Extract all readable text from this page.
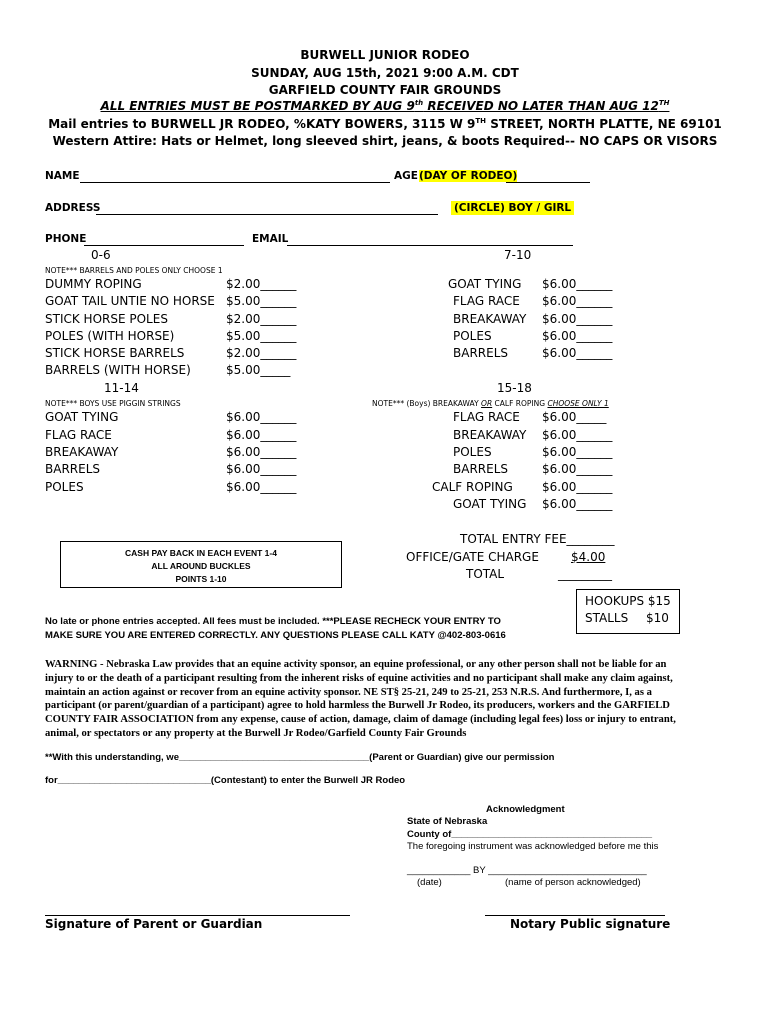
BURWELL JUNIOR RODEO
SUNDAY, AUG 15th, 2021 9:00 A.M. CDT
GARFIELD COUNTY FAIR GROUNDS
ALL ENTRIES MUST BE POSTMARKED BY AUG 9th RECEIVED NO LATER THAN AUG 12TH
Mail entries to BURWELL JR RODEO, %KATY BOWERS, 3115 W 9TH STREET, NORTH PLATTE, NE 69101
Western Attire: Hats or Helmet, long sleeved shirt, jeans, & boots Required-- NO CAPS OR VISORS
NAME	AGE (DAY OF RODEO)
ADDRESS	(CIRCLE) BOY / GIRL
PHONE	EMAIL
0-6
NOTE*** BARRELS AND POLES ONLY CHOOSE 1
DUMMY ROPING	$2.00______
GOAT TAIL UNTIE NO HORSE $5.00______
STICK HORSE POLES	$2.00______
POLES (WITH HORSE)	$5.00______
STICK HORSE BARRELS	$2.00______
BARRELS (WITH HORSE)	$5.00_____
7-10
GOAT TYING $6.00______
FLAG RACE $6.00______
BREAKAWAY $6.00______
POLES	$6.00______
BARRELS	$6.00______
11-14
NOTE*** BOYS USE PIGGIN STRINGS
GOAT TYING	$6.00______
FLAG RACE	$6.00______
BREAKAWAY	$6.00______
BARRELS	$6.00______
POLES	$6.00______
15-18
NOTE*** (Boys) BREAKAWAY OR CALF ROPING CHOOSE ONLY 1
FLAG RACE $6.00_____
BREAKAWAY $6.00______
POLES	$6.00______
BARRELS	$6.00______
CALF ROPING $6.00______
GOAT TYING $6.00______
CASH PAY BACK IN EACH EVENT 1-4
ALL AROUND BUCKLES
POINTS 1-10
TOTAL ENTRY FEE________
OFFICE/GATE CHARGE	$4.00
TOTAL	_________
HOOKUPS $15
STALLS $10
No late or phone entries accepted. All fees must be included. ***PLEASE RECHECK YOUR ENTRY TO
MAKE SURE YOU ARE ENTERED CORRECTLY. ANY QUESTIONS PLEASE CALL KATY @402-803-0616
WARNING - Nebraska Law provides that an equine activity sponsor, an equine professional, or any other person shall not be liable for an
injury to or the death of a participant resulting from the inherent risks of equine activities and no participant shall make any claim against,
maintain an action against or recover from an equine activity sponsor. NE ST§ 25-21, 249 to 25-21, 253 N.R.S. And furthermore, I, as a
participant (or parent/guardian of a participant) agree to hold harmless the Burwell Jr Rodeo, its producers, workers and the GARFIELD
COUNTY FAIR ASSOCIATION from any expense, cause of action, damage, claim of damage (including legal fees) loss or injury to entrant,
animal, or spectators or any property at the Burwell Jr Rodeo/Garfield County Fair Grounds
**With this understanding, we____________________________________(Parent or Guardian) give our permission
for_____________________________(Contestant) to enter the Burwell JR Rodeo
Acknowledgment
State of Nebraska
County of______________________________________
The foregoing instrument was acknowledged before me this
____________ BY ______________________________
(date)	(name of person acknowledged)
Signature of Parent or Guardian	Notary Public signature
